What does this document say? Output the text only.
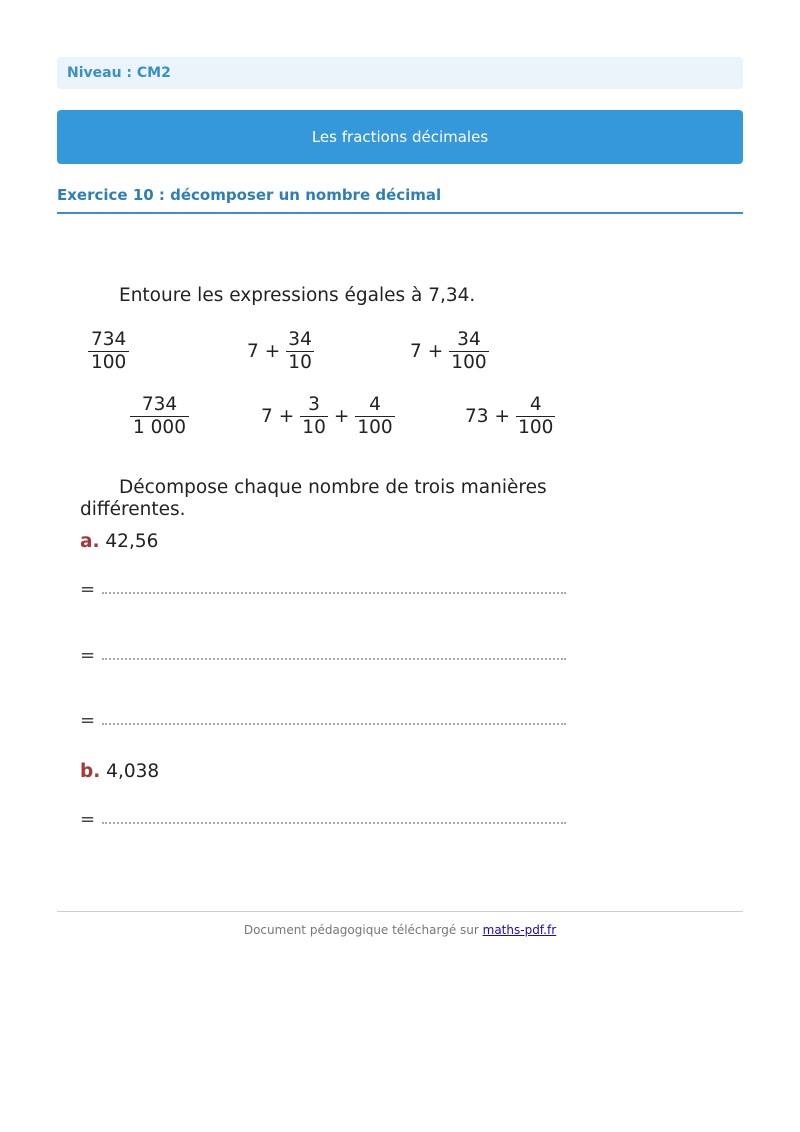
Niveau : CM2
Les fractions décimales
Exercice 10 : décomposer un nombre décimal
Entoure les expressions égales à 7,34.
$\frac{734}{100}$	$7 + \frac{34}{10}$	$7 + \frac{34}{100}$
$\frac{734}{1 000}$	$7 + \frac{3}{10} + \frac{4}{100}$	$73 + \frac{4}{100}$
Décompose chaque nombre de trois manières
différentes.
a. 42,56
=
=
=
b. 4,038
=
Document pédagogique téléchargé sur maths-pdf.fr
